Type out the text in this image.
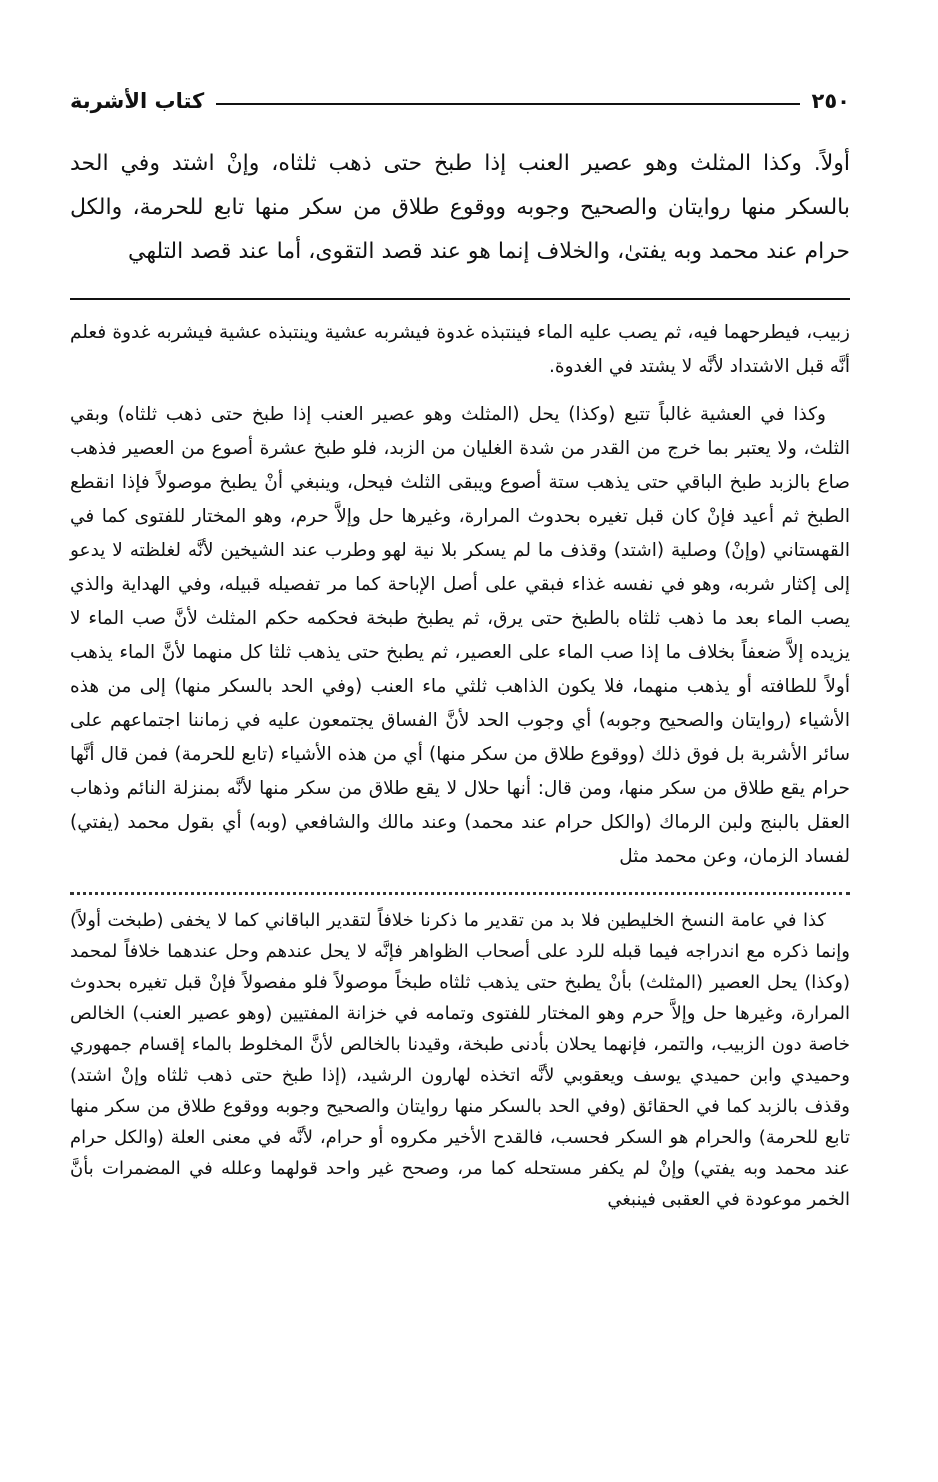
٢٥٠
كتاب الأشربة

أولاً. وكذا المثلث وهو عصير العنب إذا طبخ حتى ذهب ثلثاه، وإنْ اشتد وفي الحد بالسكر منها روايتان والصحيح وجوبه ووقوع طلاق من سكر منها تابع للحرمة، والكل حرام عند محمد وبه يفتىٰ، والخلاف إنما هو عند قصد التقوى، أما عند قصد التلهي

زبيب، فيطرحهما فيه، ثم يصب عليه الماء فينتبذه غدوة فيشربه عشية وينتبذه عشية فيشربه غدوة فعلم أنَّه قبل الاشتداد لأنَّه لا يشتد في الغدوة.

وكذا في العشية غالباً تتبع (وكذا) يحل (المثلث وهو عصير العنب إذا طبخ حتى ذهب ثلثاه) وبقي الثلث، ولا يعتبر بما خرج من القدر من شدة الغليان من الزبد، فلو طبخ عشرة أصوع من العصير فذهب صاع بالزبد طبخ الباقي حتى يذهب ستة أصوع ويبقى الثلث فيحل، وينبغي أنْ يطبخ موصولاً فإذا انقطع الطبخ ثم أعيد فإنْ كان قبل تغيره بحدوث المرارة، وغيرها حل وإلاَّ حرم، وهو المختار للفتوى كما في القهستاني (وإنْ) وصلية (اشتد) وقذف ما لم يسكر بلا نية لهو وطرب عند الشيخين لأنَّه لغلظته لا يدعو إلى إكثار شربه، وهو في نفسه غذاء فبقي على أصل الإباحة كما مر تفصيله قبيله، وفي الهداية والذي يصب الماء بعد ما ذهب ثلثاه بالطبخ حتى يرق، ثم يطبخ طبخة فحكمه حكم المثلث لأنَّ صب الماء لا يزيده إلاَّ ضعفاً بخلاف ما إذا صب الماء على العصير، ثم يطبخ حتى يذهب ثلثا كل منهما لأنَّ الماء يذهب أولاً للطافته أو يذهب منهما، فلا يكون الذاهب ثلثي ماء العنب (وفي الحد بالسكر منها) إلى من هذه الأشياء (روايتان والصحيح وجوبه) أي وجوب الحد لأنَّ الفساق يجتمعون عليه في زماننا اجتماعهم على سائر الأشربة بل فوق ذلك (ووقوع طلاق من سكر منها) أي من هذه الأشياء (تابع للحرمة) فمن قال أنَّها حرام يقع طلاق من سكر منها، ومن قال: أنها حلال لا يقع طلاق من سكر منها لأنَّه بمنزلة النائم وذهاب العقل بالبنج ولبن الرماك (والكل حرام عند محمد) وعند مالك والشافعي (وبه) أي بقول محمد (يفتي) لفساد الزمان، وعن محمد مثل

كذا في عامة النسخ الخليطين فلا بد من تقدير ما ذكرنا خلافاً لتقدير الباقاني كما لا يخفى (طبخت أولاً) وإنما ذكره مع اندراجه فيما قبله للرد على أصحاب الظواهر فإنَّه لا يحل عندهم وحل عندهما خلافاً لمحمد (وكذا) يحل العصير (المثلث) بأنْ يطبخ حتى يذهب ثلثاه طبخاً موصولاً فلو مفصولاً فإنْ قبل تغيره بحدوث المرارة، وغيرها حل وإلاَّ حرم وهو المختار للفتوى وتمامه في خزانة المفتيين (وهو عصير العنب) الخالص خاصة دون الزبيب، والتمر، فإنهما يحلان بأدنى طبخة، وقيدنا بالخالص لأنَّ المخلوط بالماء إقسام جمهوري وحميدي وابن حميدي يوسف ويعقوبي لأنَّه اتخذه لهارون الرشيد، (إذا طبخ حتى ذهب ثلثاه وإنْ اشتد) وقذف بالزبد كما في الحقائق (وفي الحد بالسكر منها روايتان والصحيح وجوبه ووقوع طلاق من سكر منها تابع للحرمة) والحرام هو السكر فحسب، فالقدح الأخير مكروه أو حرام، لأنَّه في معنى العلة (والكل حرام عند محمد وبه يفتي) وإنْ لم يكفر مستحله كما مر، وصحح غير واحد قولهما وعلله في المضمرات بأنَّ الخمر موعودة في العقبى فينبغي
